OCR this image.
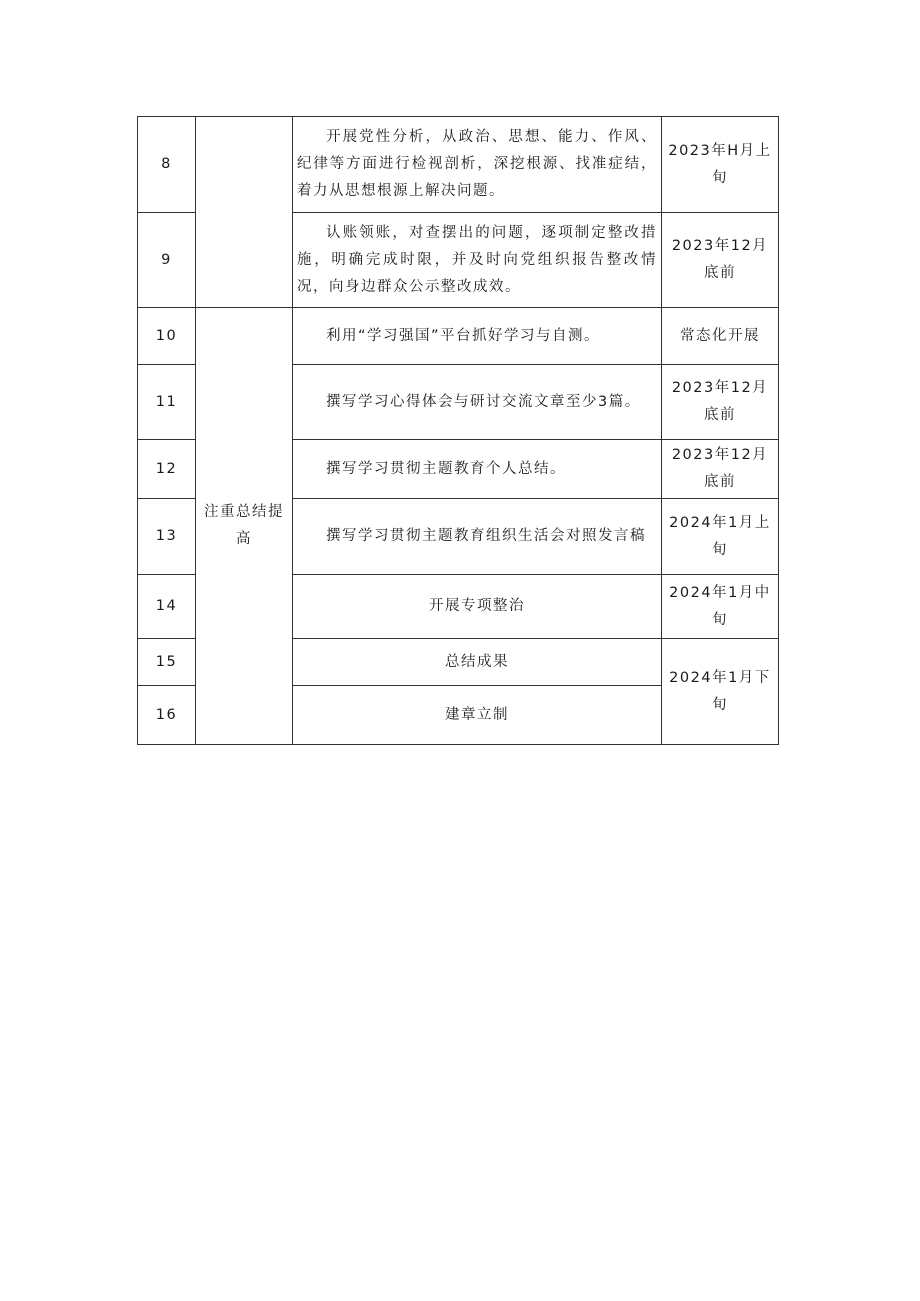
8		开展党性分析，从政治、思想、能力、作风、纪律等方面进行检视剖析，深挖根源、找准症结，着力从思想根源上解决问题。	2023年H月上旬
9		认账领账，对查摆出的问题，逐项制定整改措施，明确完成时限，并及时向党组织报告整改情况，向身边群众公示整改成效。	2023年12月底前
10	注重总结提高	利用“学习强国”平台抓好学习与自测。	常态化开展
11		撰写学习心得体会与研讨交流文章至少3篇。	2023年12月底前
12		撰写学习贯彻主题教育个人总结。	2023年12月底前
13		撰写学习贯彻主题教育组织生活会对照发言稿	2024年1月上旬
14		开展专项整治	2024年1月中旬
15		总结成果	2024年1月下旬
16		建章立制	
